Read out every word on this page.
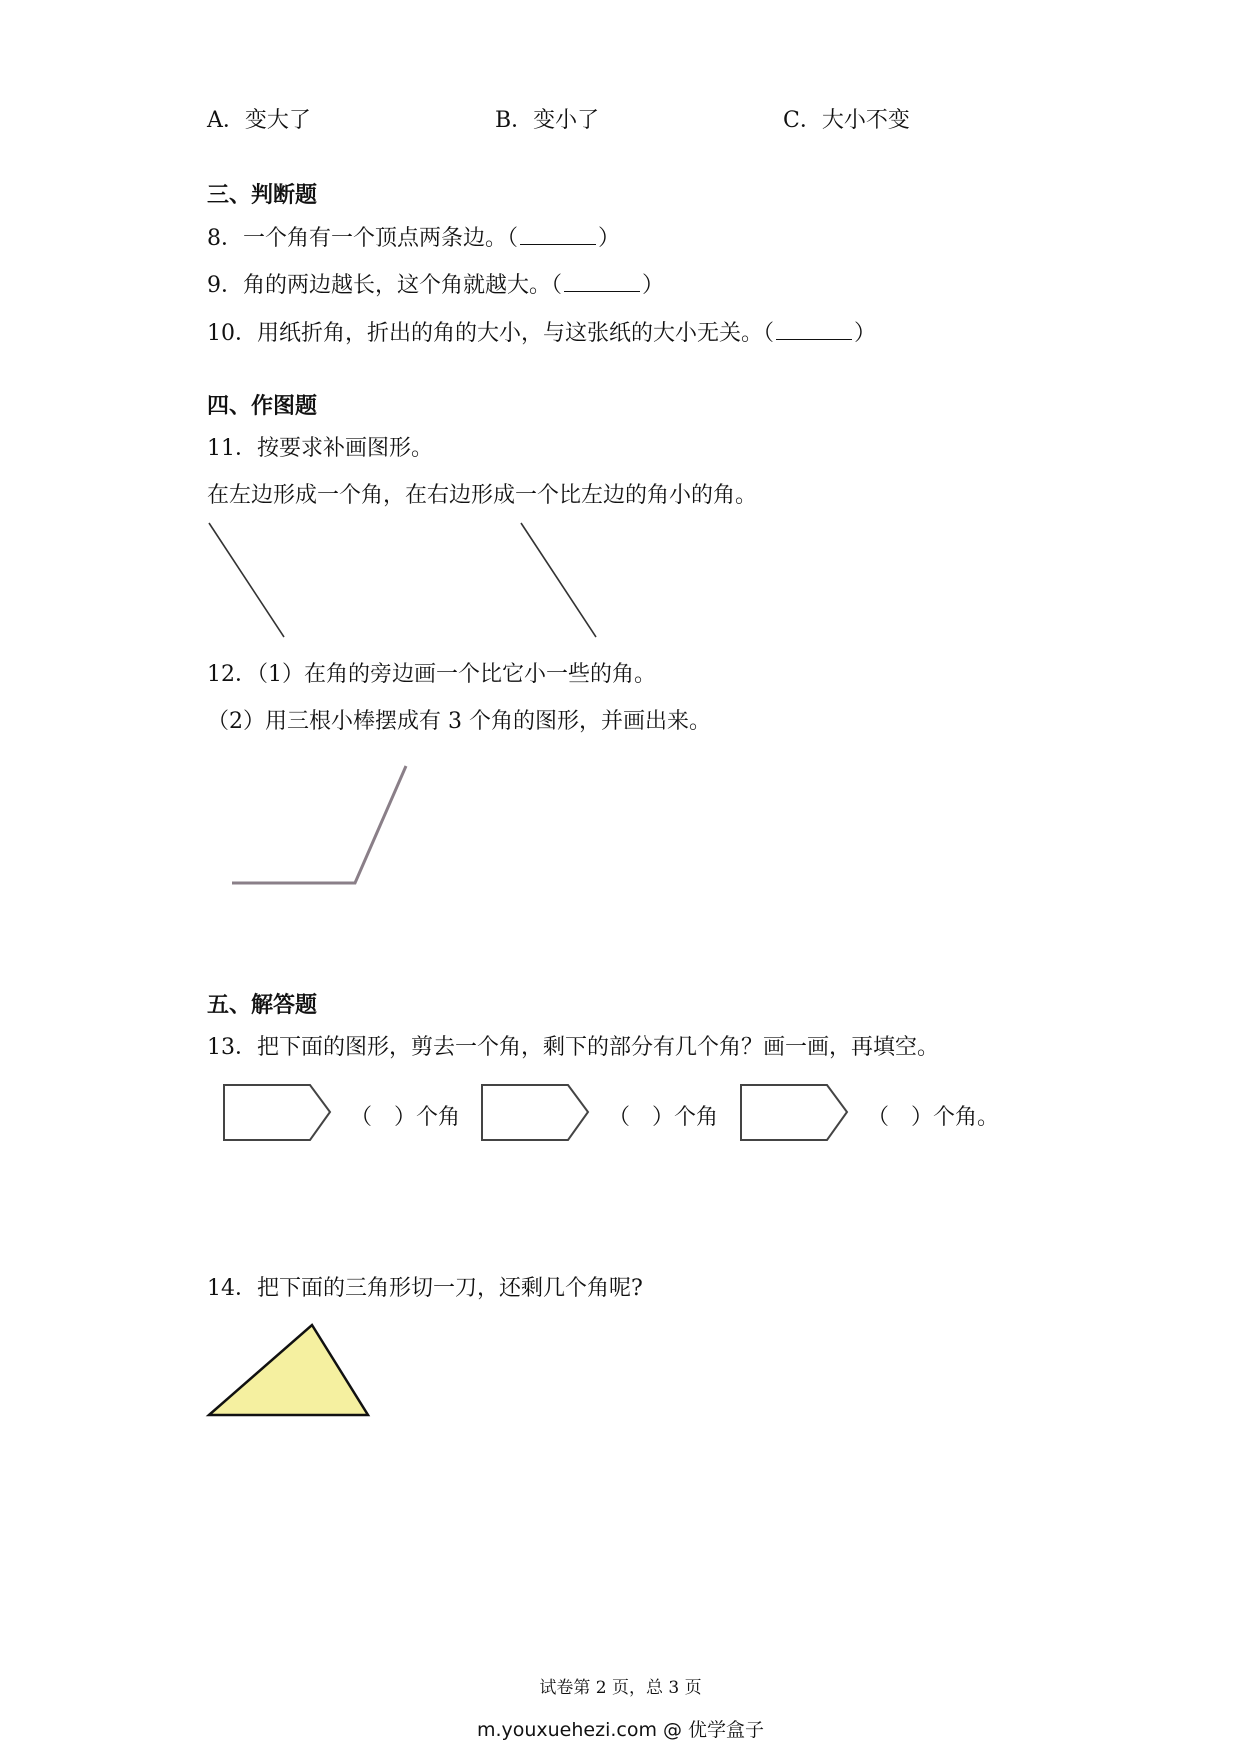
A．变大了	B．变小了	C．大小不变
三、判断题
8．一个角有一个顶点两条边。（	）
9．角的两边越长，这个角就越大。（	）
10．用纸折角，折出的角的大小，与这张纸的大小无关。（	）
四、作图题
11．按要求补画图形。
在左边形成一个角，在右边形成一个比左边的角小的角。
12．（1）在角的旁边画一个比它小一些的角。
（2）用三根小棒摆成有 3 个角的图形，并画出来。
五、解答题
13．把下面的图形，剪去一个角，剩下的部分有几个角？画一画，再填空。
（　）个角	（　）个角	（　）个角。
14．把下面的三角形切一刀，还剩几个角呢?
试卷第 2 页，总 3 页
m.youxuehezi.com @ 优学盒子
